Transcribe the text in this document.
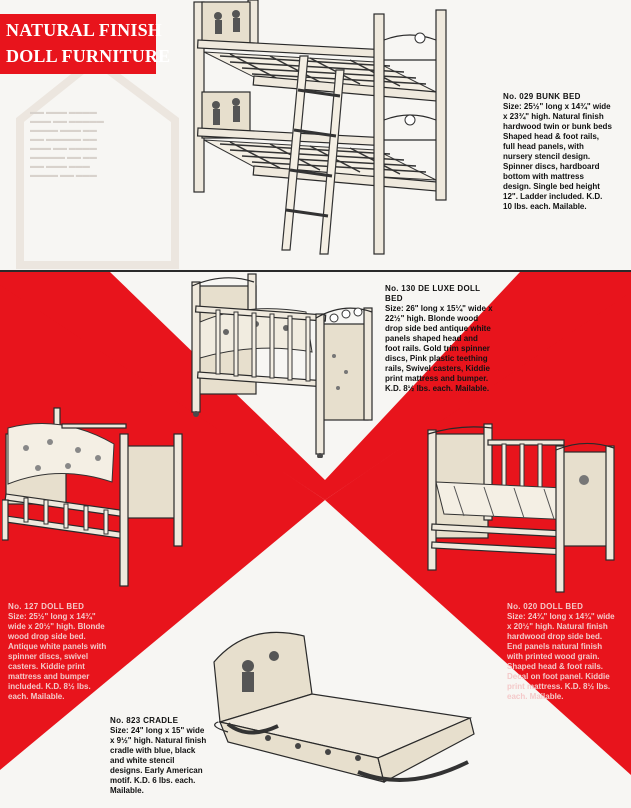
▬▬ ▬▬▬ ▬▬▬▬
▬▬▬ ▬▬ ▬▬▬▬▬
▬▬▬▬ ▬▬▬ ▬▬
▬▬ ▬▬▬▬▬ ▬▬
▬▬▬ ▬▬ ▬▬▬▬
▬▬▬▬▬ ▬▬ ▬▬
▬▬ ▬▬▬ ▬▬▬
▬▬▬▬ ▬▬ ▬▬▬
NATURAL FINISH
DOLL FURNITURE
No. 029 BUNK BED
Size: 25½" long x 14¾" wide x 23¾" high. Natural finish hardwood twin or bunk beds Shaped head & foot rails, full head panels, with nursery stencil design. Spinner discs, hardboard bottom with mattress design. Single bed height 12". Ladder included. K.D. 10 lbs. each. Mailable.
No. 130 DE LUXE DOLL BED
Size: 26" long x 15¼" wide x 22½" high. Blonde wood drop side bed antique white panels shaped head and foot rails. Gold trim spinner discs, Pink plastic teething rails, Swivel casters, Kiddie print mattress and bumper. K.D. 8½ lbs. each. Mailable.
No. 127 DOLL BED
Size: 25½" long x 14¾" wide x 20½" high. Blonde wood drop side bed. Antique white panels with spinner discs, swivel casters. Kiddie print mattress and bumper included. K.D. 8½ lbs. each. Mailable.
No. 020 DOLL BED
Size: 24¾" long x 14¾" wide x 20½" high. Natural finish hardwood drop side bed. End panels natural finish with printed wood grain. Shaped head & foot rails. Decal on foot panel. Kiddie print mattress. K.D. 8½ lbs. each. Mailable.
No. 823 CRADLE
Size: 24" long x 15" wide x 9½" high. Natural finish cradle with blue, black and white stencil designs. Early American motif. K.D. 6 lbs. each. Mailable.
